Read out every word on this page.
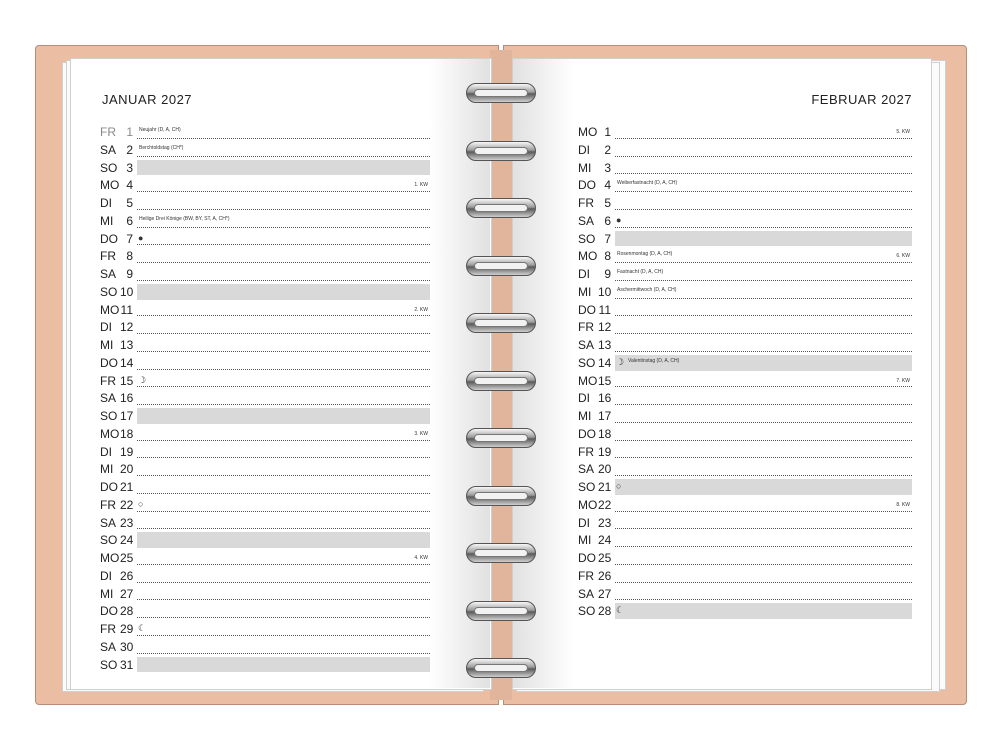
JANUAR 2027	FEBRUAR 2027
FR 1 Neujahr (D, A, CH)
SA 2 Berchtoldstag (CH*)
SO 3
MO 4	1. KW
DI	5
MI	6 Heilige Drei Könige (BW, BY, ST, A, CH*)
DO 7 ●
FR 8
SA 9
SO 10
MO 11	2. KW
DI 12
MI 13
DO 14
FR 15 ☽
SA 16
SO 17
MO 18	3. KW
DI 19
MI 20
DO 21
FR 22 ○
SA 23
SO 24
MO 25	4. KW
DI 26
MI 27
DO 28
FR 29 ☾
SA 30
SO 31
MO 1	5. KW
DI	2
MI	3
DO 4 Weiberfastnacht (D, A, CH)
FR 5
SA 6 ●
SO 7
MO 8 Rosenmontag (D, A, CH)	6. KW
DI	9 Fastnacht (D, A, CH)
MI 10 Aschermittwoch (D, A, CH)
DO 11
FR 12
SA 13
SO 14 ☽ Valentinstag (D, A, CH)
MO 15	7. KW
DI 16
MI 17
DO 18
FR 19
SA 20
SO 21 ○
MO 22	8. KW
DI 23
MI 24
DO 25
FR 26
SA 27
SO 28 ☾
